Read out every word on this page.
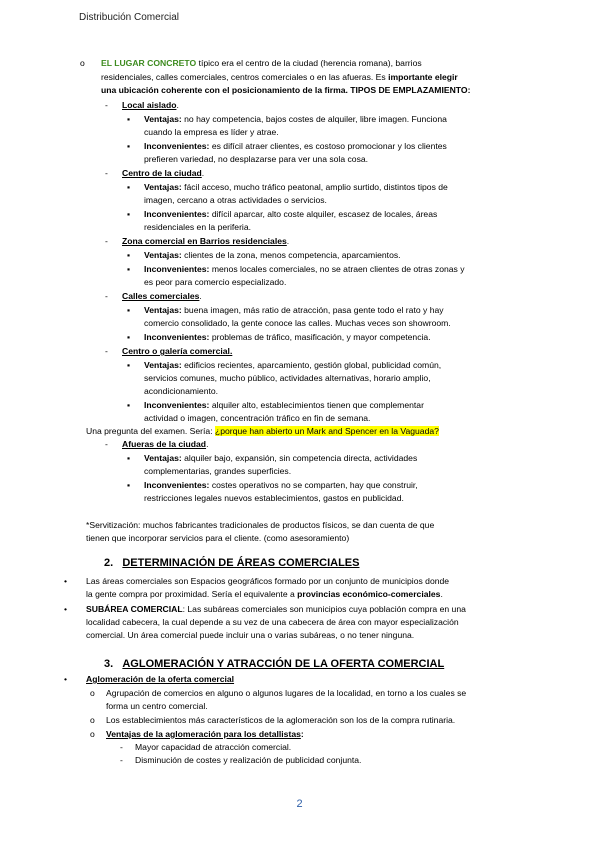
Distribución Comercial
o EL LUGAR CONCRETO típico era el centro de la ciudad (herencia romana), barrios
residenciales, calles comerciales, centros comerciales o en las afueras. Es importante elegir
una ubicación coherente con el posicionamiento de la firma. TIPOS DE EMPLAZAMIENTO:
- Local aislado.
▪ Ventajas: no hay competencia, bajos costes de alquiler, libre imagen. Funciona
cuando la empresa es líder y atrae.
▪ Inconvenientes: es difícil atraer clientes, es costoso promocionar y los clientes
prefieren variedad, no desplazarse para ver una sola cosa.
- Centro de la ciudad.
▪ Ventajas: fácil acceso, mucho tráfico peatonal, amplio surtido, distintos tipos de
imagen, cercano a otras actividades o servicios.
▪ Inconvenientes: difícil aparcar, alto coste alquiler, escasez de locales, áreas
residenciales en la periferia.
- Zona comercial en Barrios residenciales.
▪ Ventajas: clientes de la zona, menos competencia, aparcamientos.
▪ Inconvenientes: menos locales comerciales, no se atraen clientes de otras zonas y
es peor para comercio especializado.
- Calles comerciales.
▪ Ventajas: buena imagen, más ratio de atracción, pasa gente todo el rato y hay
comercio consolidado, la gente conoce las calles. Muchas veces son showroom.
▪ Inconvenientes: problemas de tráfico, masificación, y mayor competencia.
- Centro o galería comercial.
▪ Ventajas: edificios recientes, aparcamiento, gestión global, publicidad común,
servicios comunes, mucho público, actividades alternativas, horario amplio,
acondicionamiento.
▪ Inconvenientes: alquiler alto, establecimientos tienen que complementar
actividad o imagen, concentración tráfico en fin de semana.
Una pregunta del examen. Sería: ¿porque han abierto un Mark and Spencer en la Vaguada?
- Afueras de la ciudad.
▪ Ventajas: alquiler bajo, expansión, sin competencia directa, actividades
complementarias, grandes superficies.
▪ Inconvenientes: costes operativos no se comparten, hay que construir,
restricciones legales nuevos establecimientos, gastos en publicidad.
*Servitización: muchos fabricantes tradicionales de productos físicos, se dan cuenta de que
tienen que incorporar servicios para el cliente. (como asesoramiento)
2. DETERMINACIÓN DE ÁREAS COMERCIALES
• Las áreas comerciales son Espacios geográficos formado por un conjunto de municipios donde
la gente compra por proximidad. Sería el equivalente a provincias económico-comerciales.
• SUBÁREA COMERCIAL: Las subáreas comerciales son municipios cuya población compra en una
localidad cabecera, la cual depende a su vez de una cabecera de área con mayor especialización
comercial. Un área comercial puede incluir una o varias subáreas, o no tener ninguna.
3. AGLOMERACIÓN Y ATRACCIÓN DE LA OFERTA COMERCIAL
• Aglomeración de la oferta comercial
o Agrupación de comercios en alguno o algunos lugares de la localidad, en torno a los cuales se
forma un centro comercial.
o Los establecimientos más característicos de la aglomeración son los de la compra rutinaria.
o Ventajas de la aglomeración para los detallistas:
- Mayor capacidad de atracción comercial.
- Disminución de costes y realización de publicidad conjunta.
2
